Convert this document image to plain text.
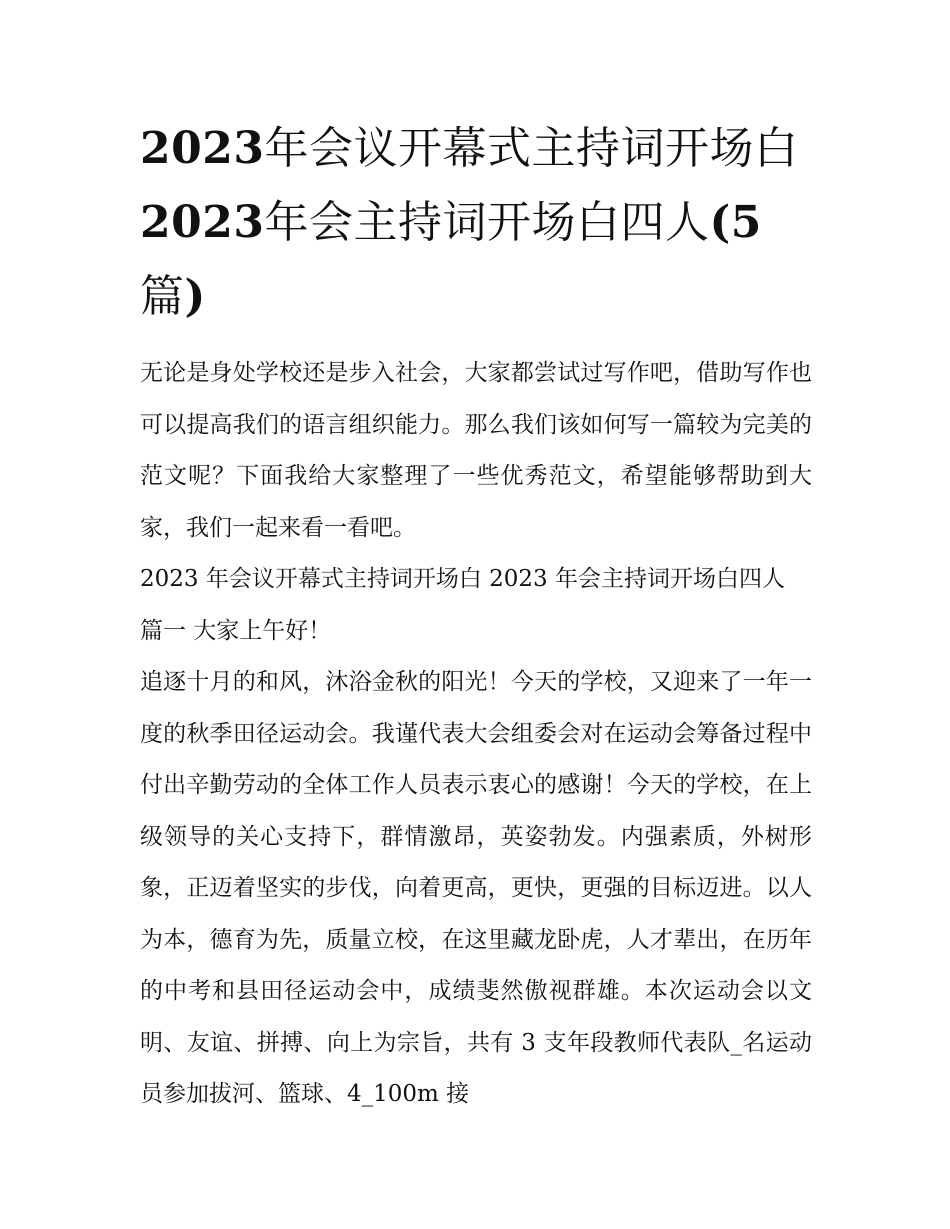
2023年会议开幕式主持词开场白2023年会主持词开场白四人(5篇)

无论是身处学校还是步入社会，大家都尝试过写作吧，借助写作也可以提高我们的语言组织能力。那么我们该如何写一篇较为完美的范文呢？下面我给大家整理了一些优秀范文，希望能够帮助到大家，我们一起来看一看吧。

2023 年会议开幕式主持词开场白 2023 年会主持词开场白四人

篇一 大家上午好！

追逐十月的和风，沐浴金秋的阳光！今天的学校，又迎来了一年一度的秋季田径运动会。我谨代表大会组委会对在运动会筹备过程中付出辛勤劳动的全体工作人员表示衷心的感谢！今天的学校，在上级领导的关心支持下，群情激昂，英姿勃发。内强素质，外树形象，正迈着坚实的步伐，向着更高，更快，更强的目标迈进。以人为本，德育为先，质量立校，在这里藏龙卧虎，人才辈出，在历年的中考和县田径运动会中，成绩斐然傲视群雄。本次运动会以文明、友谊、拼搏、向上为宗旨，共有 3 支年段教师代表队_名运动员参加拔河、篮球、4_100m 接
